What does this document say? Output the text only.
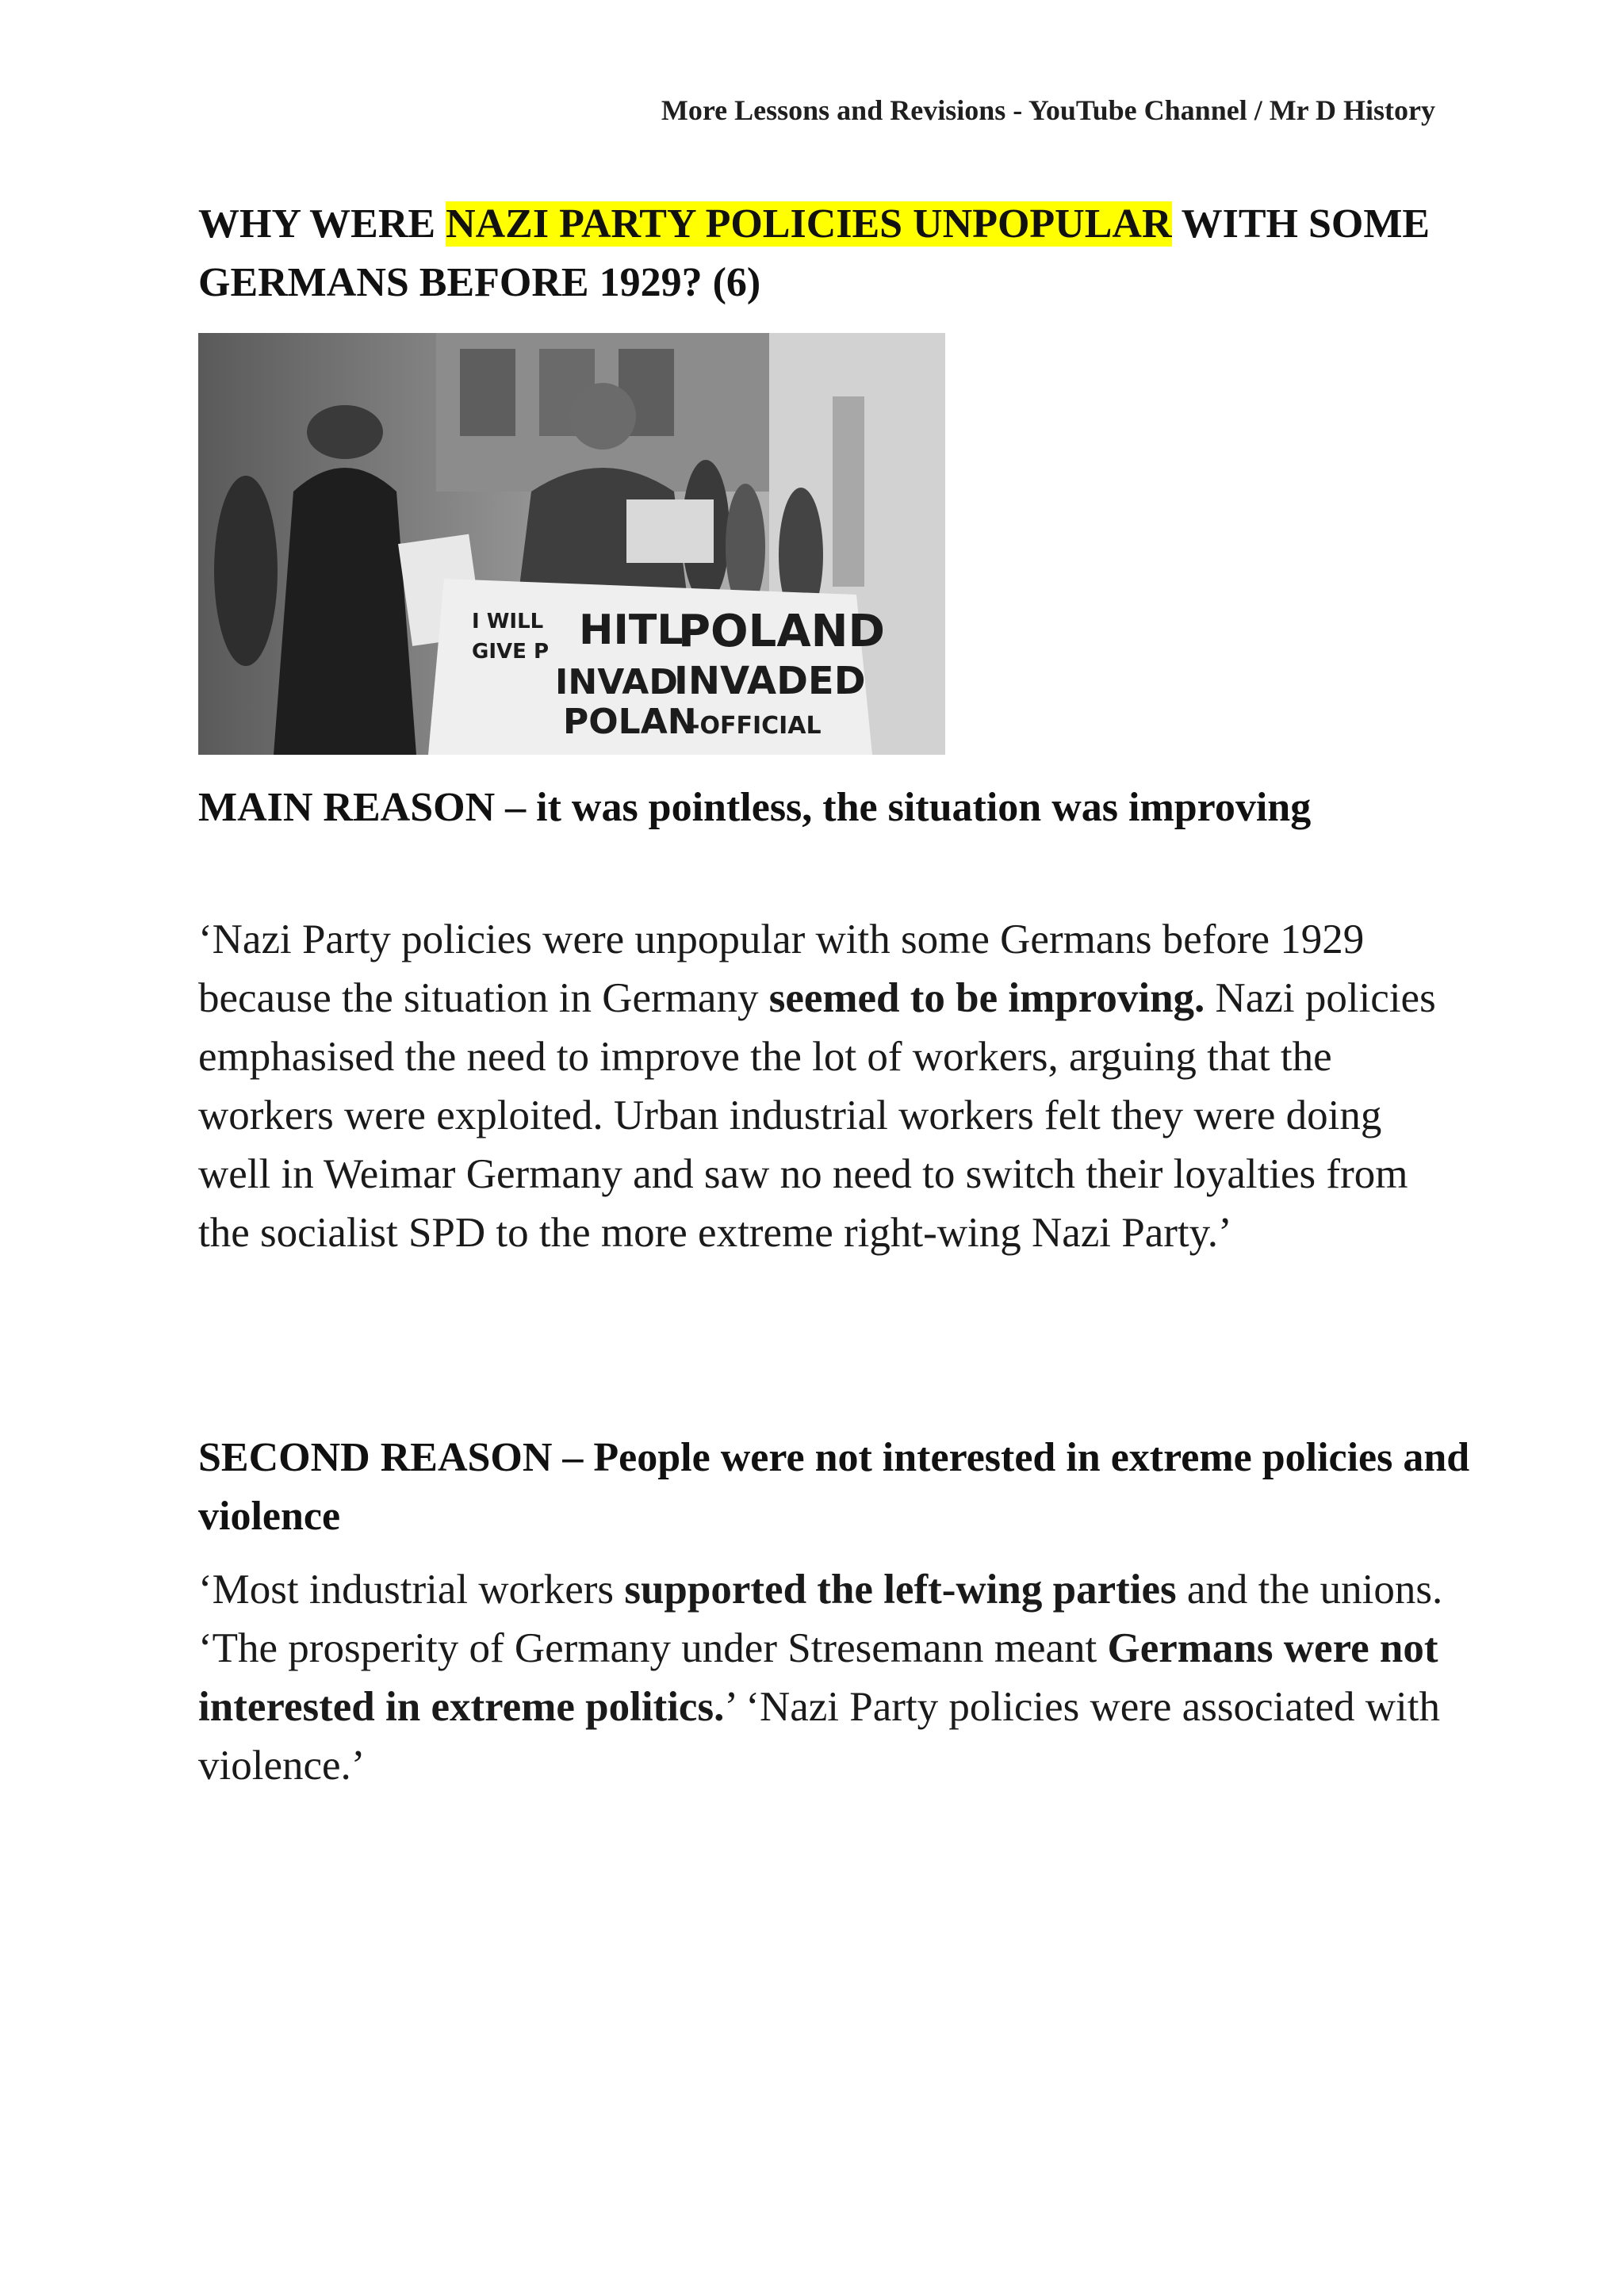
More Lessons and Revisions - YouTube Channel / Mr D History
WHY WERE NAZI PARTY POLICIES UNPOPULAR WITH SOME GERMANS BEFORE 1929? (6)
I WILL
GIVE P
INVAD
POLAN
HITL
POLAND
INVADED
-OFFICIAL
MAIN REASON – it was pointless, the situation was improving

‘Nazi Party policies were unpopular with some Germans before 1929 because the situation in Germany seemed to be improving. Nazi policies emphasised the need to improve the lot of workers, arguing that the workers were exploited. Urban industrial workers felt they were doing well in Weimar Germany and saw no need to switch their loyalties from the socialist SPD to the more extreme right-wing Nazi Party.’

SECOND REASON – People were not interested in extreme policies and violence

‘Most industrial workers supported the left-wing parties and the unions. ‘The prosperity of Germany under Stresemann meant Germans were not interested in extreme politics.’ ‘Nazi Party policies were associated with violence.’
